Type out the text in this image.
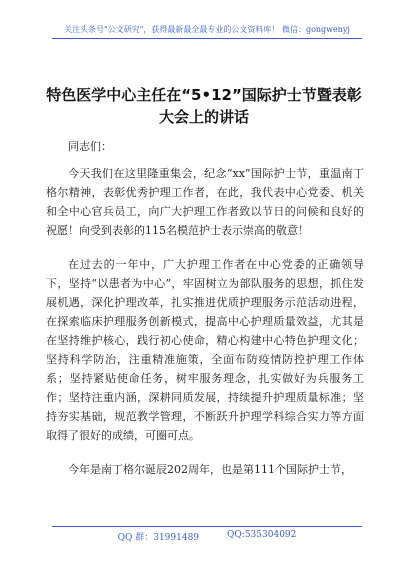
关注头条号"公文研究"，获得最新最全最专业的公文资料库！ 微信：gongwenyj
特色医学中心主任在“5•12”国际护士节暨表彰大会上的讲话
同志们：

今天我们在这里隆重集会，纪念“xx”国际护士节，重温南丁格尔精神，表彰优秀护理工作者，在此，我代表中心党委、机关和全中心官兵员工，向广大护理工作者致以节日的问候和良好的祝愿！向受到表彰的115名模范护士表示崇高的敬意！

在过去的一年中，广大护理工作者在中心党委的正确领导下，坚持“以患者为中心”，牢固树立为部队服务的思想，抓住发展机遇，深化护理改革，扎实推进优质护理服务示范活动进程，在探索临床护理服务创新模式，提高中心护理质量效益，尤其是在坚持维护核心，践行初心使命，精心构建中心特色护理文化；坚持科学防治，注重精准施策，全面布防疫情防控护理工作体系；坚持紧贴使命任务，树牢服务理念，扎实做好为兵服务工作；坚持注重内涵，深耕同质发展，持续提升护理质量标准；坚持夯实基础，规范教学管理，不断跃升护理学科综合实力等方面取得了很好的成绩，可圈可点。

今年是南丁格尔诞辰202周年，也是第111个国际护士节，

QQ 群：31991489	QQ:535304092
